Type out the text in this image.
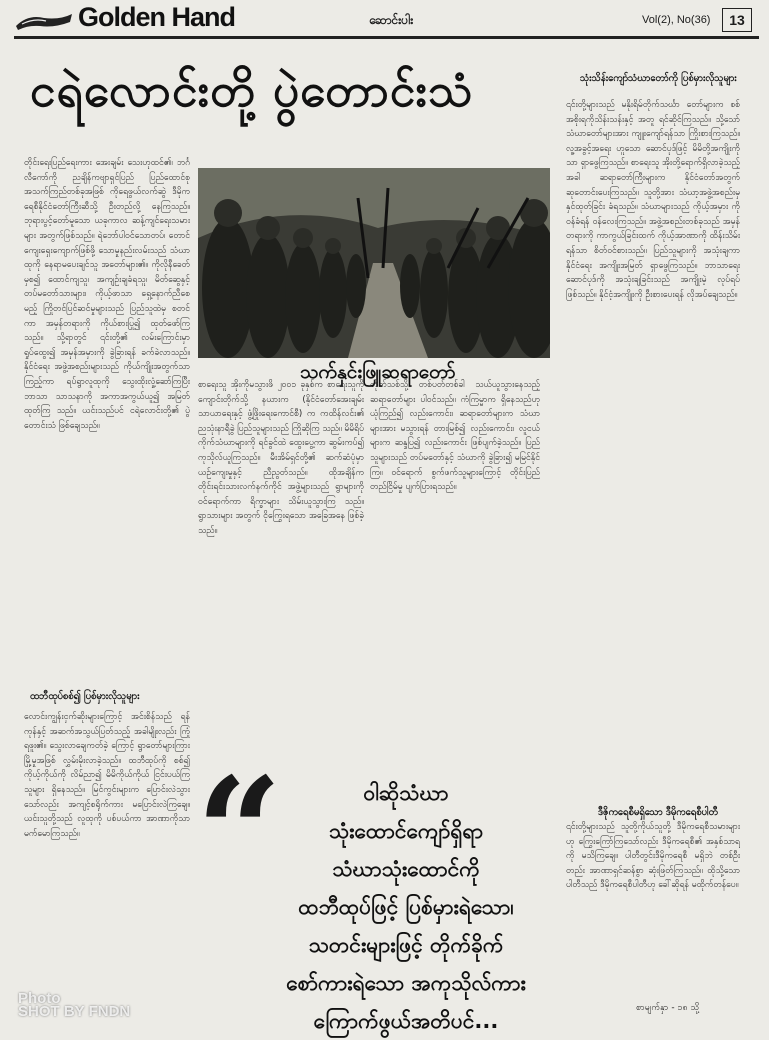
Golden Hand	ဆောင်းပါး	Vol(2), No(36)	13
ငရဲလောင်းတို့ ပွဲတောင်းသံ	သုံးသိန်းကျော်သံဃာတော်ကို ပြစ်မှားလိုသူများ
တိုင်းရေးပြည်ရေးကား အေးချမ်း သေးဟုထင်၏၊ ဘင်္ဂလီကော်ကို ညချိန်ကဗျာရှင်ပြည် ပြည်ထောင်စု အသက်ကြည်တစ်ခုအဖြစ် ကိုရေဖွယ်လက်ဆွဲ ဒီမိုကရေစီနိုင်ငံတော်ကြီးဆီသို့ ဦးတည်လို့ နေကြသည်။ ဘုရားပွင့်တော်မူသော ယခုကာလ ဆန့်ကျင်ရေးသမားများ အတွက်ဖြစ်သည်။ ရဲဘော်ပါဝင်သောတပ်၊ တောင်ကျေးရှေးကျောက်ဖြစ်ဖို့ သောမှုနည်းလမ်းသည် သံဃာထုကို နေရာမပေးချင်သူ အတော်များ၏။ ကိုလိုနီခေတ်မှစ၍ ထောင်ကျသူ၊ အကျဉ်းချခံရသူ၊ မိတ်ဆွေနှင့် တပ်မတော်သားများ၊ ကိုယ့်ဖာသာ ရှေ့နောက်ညီစေမည့် ကြိုတင်ပြင်ဆင်မှုများသည် ပြည်သူထဲမှ စတင်ကာ အမှန်တရားကို ကိုယ်စားပြု၍ ထုတ်ဖော်ကြ သည်။ သို့ရာတွင် ၎င်းတို့၏ လမ်းကြောင်းမှာ ရှုပ်ထွေး၍ အမှန်အမှားကို ခွဲခြားရန် ခက်ခဲလာသည်။ နိုင်ငံရေး အဖွဲ့အစည်းများသည် ကိုယ်ကျိုးအတွက်သာ ကြည့်ကာ ရပ်ရွာလူထုကို သွေးထိုးလှုံ့ဆော်ကြပြီး ဘာသာ သာသနာကို အကာအကွယ်ယူ၍ အမြတ်ထုတ်ကြ သည်။ ယင်းသည်ပင် ငရဲလောင်းတို့၏ ပွဲတောင်းသံ ဖြစ်ချေသည်။
ထဘီထုပ်စစ်၍ ပြစ်မှားလိုသူများ
လောင်းကျွန်းငှက်ဆိုးများကြောင့် အင်းစိန်သည် ရန်ကုန်နှင့် အဆက်အသွယ်ပြတ်သည့် အခါမျိုးလည်း ကြုံရဖူး၏။ သွေးလာချေကတ်ခဲ့ ကြောင့် ရွာတော်များကြား မြို့မှုအဖြစ် လွှမ်းမိုးလာခဲ့သည်။ ထဘီထုပ်ကို စစ်၍ ကိုယ့်ကိုယ်ကို လိမ်ညာ၍ မိမိကိုယ်ကိုယ် ငြင်းပယ်ကြသူများ ရှိနေသည်။ မြင်ကွင်းများက ပြောင်းလဲသွားသော်လည်း အကျင့်စရိုက်ကား မပြောင်းလဲကြချေ။ ယင်းသူတို့သည် လူထုကို ပစ်ပယ်ကာ အာဏာကိုသာ မက်မောကြသည်။
သက်နှင်းဖြူဆရာတော်
စာရေးသူ အိုးကိုမသွားဖိ ၂၀၀၁ ခုနှစ်က စာရေးသူကိုကျောင်းတိုက်သို့ နယားက (နိုင်ငံတော်အေးချမ်းသာယာရေးနှင့် ဖွံ့ဖြိုးရေးကောင်စီ) က ကထိန်လင်း၏ ညသုံးနာရီခွဲ ပြည်သူများသည် ကြိုဆိုကြ သည်။ မိမိရိပ်ကိုက်သံဃာများကို ရင်ခွင်ထဲ ထွေးပွေ့ကာ ဆွမ်းကပ်၍ ကုသိုလ်ယူကြသည်။ မီးအိမ်ရှင်တို့၏ ဆက်ဆံပုံမှာ ယဉ်ကျေးမှုနှင့် ညီညွတ်သည်။ ထိုအချိန်က တိုင်းရင်းသားလက်နက်ကိုင် အဖွဲ့များသည် ရွာများကို ဝင်ရောက်ကာ ရိက္ခာများ သိမ်းယူသွားကြ သည်။ ရွာသားများ အတွက် ငိုကြွေးရသော အခြေအနေ ဖြစ်ခဲ့သည်။
တိုက်သစ်သို့ တစ်ပတ်တစ်ခါ သယ်ယူသွားနေသည့် ဆရာတော်များ ပါ၀င်သည်။ ကံကြမ္မာက ရှိနေသည်ဟု ယုံကြည်၍ လည်းကောင်း၊ ဆရာတော်များက သံဃာများအား မသွားရန် တားမြစ်၍ လည်းကောင်း၊ လူငယ်များက ဆန္ဒပြ၍ လည်းကောင်း ဖြစ်ပျက်ခဲ့သည်။ ပြည်သူများသည် တပ်မတော်နှင့် သံဃာကို ခွဲခြား၍ မမြင်နိုင်ကြ။ ဝင်ရောက် စွက်ဖက်သူများကြောင့် တိုင်းပြည်တည်ငြိမ်မှု ပျက်ပြားရသည်။
၎င်းတို့များသည် မနိုးရိမ်တိုက်သင်္ဃာ တော်များက စစ်အစိုးရကိုသိန်းသန်းနှင့် အတူ ရင်ဆိုင်ကြသည်။ သို့သော် သံဃာတော်များအား ကျူးကျော်ရန်သာ ကြိုးစားကြသည်။ လူ့အခွင့်အရေး ဟူသော ဆောင်ပုဒ်ဖြင့် မိမိတို့အကျိုးကိုသာ ရှာဖွေကြသည်။ စာရေးသူ အိုးတို့ရောက်ရှိလာခဲ့သည့်အခါ ဆရာတော်ကြီးများက နိုင်ငံတော်အတွက် ဆုတောင်းပေးကြသည်။ သူတို့အား သံဃာ့အဖွဲ့အစည်းမှ နှင်ထုတ်ခြင်း ခံရသည်။ သံဃာများသည် ကိုယ့်အမှား ကို ဝန်ခံရန် ဝန်လေးကြသည်။ အဖွဲ့အစည်းတစ်ခုသည် အမှန်တရားကို ကာကွယ်ခြင်းထက် ကိုယ့်အာဏာကို ထိန်းသိမ်းရန်သာ စိတ်ဝင်စားသည်။ ပြည်သူများကို အသုံးချကာ နိုင်ငံရေး အကျိုးအမြတ် ရှာဖွေကြသည်။ ဘာသာရေး ဆောင်ပုဒ်ကို အသုံးချခြင်းသည် အကျိုးမဲ့ လုပ်ရပ်ဖြစ်သည်။ နိုင်ငံ့အကျိုးကို ဦးစားပေးရန် လိုအပ်ချေသည်။
ဒီဇိုကရေစီမရှိသော ဒီမိုကရေစီပါတီ
၎င်းတို့များသည် သူတို့ကိုယ်သူတို့ ဒီမိုကရေစီသမားများဟု ကြွေးကြော်ကြသော်လည်း ဒီမိုကရေစီ၏ အနှစ်သာရကို မသိကြချေ။ ပါတီတွင်းဒီမိုကရေစီ မရှိဘဲ တစ်ဦးတည်း အာဏာရှင်ဆန်စွာ ဆုံးဖြတ်ကြသည်။ ထိုသို့သော ပါတီသည် ဒီမိုကရေစီပါတီဟု ခေါ်ဆိုရန် မထိုက်တန်ပေ။
“	ဝါဆိုသံဃာ
သုံးထောင်ကျော်ရှိရာ
သံဃာသုံးထောင်ကို
ထဘီထုပ်ဖြင့် ပြစ်မှားရဲသော၊
သတင်းများဖြင့် တိုက်ခိုက်
စော်ကားရဲသော အကုသိုလ်ကား
ကြောက်ဖွယ်အတိပင်...
စာမျက်နှာ - ၁၈ သို့
Photo
SHOT BY FNDN
